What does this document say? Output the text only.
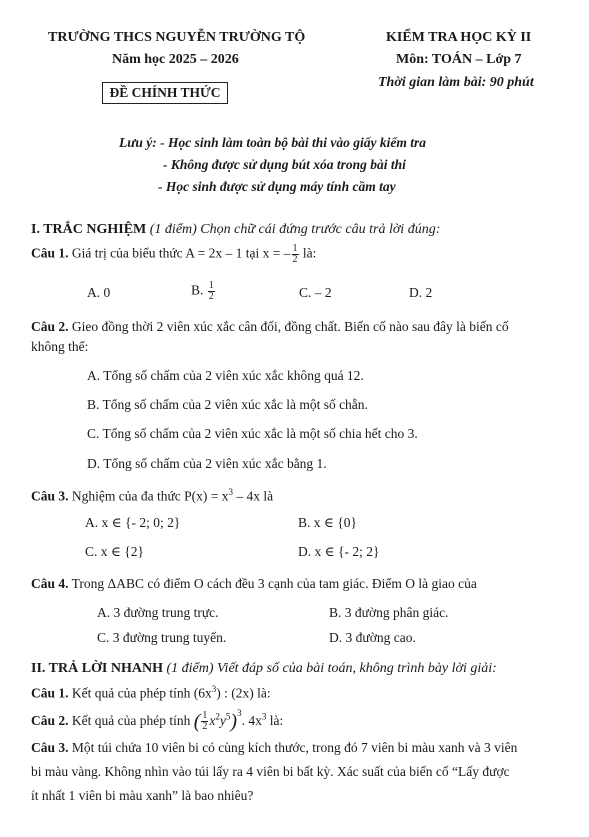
TRƯỜNG THCS NGUYỄN TRƯỜNG TỘ
Năm học 2025 – 2026
ĐỀ CHÍNH THỨC
KIỂM TRA HỌC KỲ II
Môn: TOÁN – Lớp 7
Thời gian làm bài: 90 phút
Lưu ý: - Học sinh làm toàn bộ bài thi vào giấy kiểm tra
- Không được sử dụng bút xóa trong bài thi
- Học sinh được sử dụng máy tính cầm tay
I. TRẮC NGHIỆM (1 điểm) Chọn chữ cái đứng trước câu trả lời đúng:
Câu 1. Giá trị của biểu thức A = 2x – 1 tại x = – $\frac{1}{2}$ là:
A. 0	B. $\frac{1}{2}$	C. – 2	D. 2
Câu 2. Gieo đồng thời 2 viên xúc xắc cân đối, đồng chất. Biến cố nào sau đây là biến cố
không thể:
A. Tổng số chấm của 2 viên xúc xắc không quá 12.
B. Tổng số chấm của 2 viên xúc xắc là một số chẵn.
C. Tổng số chấm của 2 viên xúc xắc là một số chia hết cho 3.
D. Tổng số chấm của 2 viên xúc xắc bằng 1.
Câu 3. Nghiệm của đa thức $P(x) = x^3 - 4x$ là
A. x ∈ {- 2; 0; 2}	B. x ∈ {0}
C. x ∈ {2}	D. x ∈ {- 2; 2}
Câu 4. Trong ΔABC có điểm O cách đều 3 cạnh của tam giác. Điểm O là giao của
A. 3 đường trung trực.	B. 3 đường phân giác.
C. 3 đường trung tuyến.	D. 3 đường cao.
II. TRẢ LỜI NHANH (1 điểm) Viết đáp số của bài toán, không trình bày lời giải:
Câu 1. Kết quả của phép tính $(6x^3)$ : (2x) là:
Câu 2. Kết quả của phép tính ( $\frac{1}{2} x^2y^5)^3$. $4x^3$ là:
Câu 3. Một túi chứa 10 viên bi có cùng kích thước, trong đó 7 viên bi màu xanh và 3 viên
bi màu vàng. Không nhìn vào túi lấy ra 4 viên bi bất kỳ. Xác suất của biến cố “Lấy được
ít nhất 1 viên bi màu xanh” là bao nhiêu?
